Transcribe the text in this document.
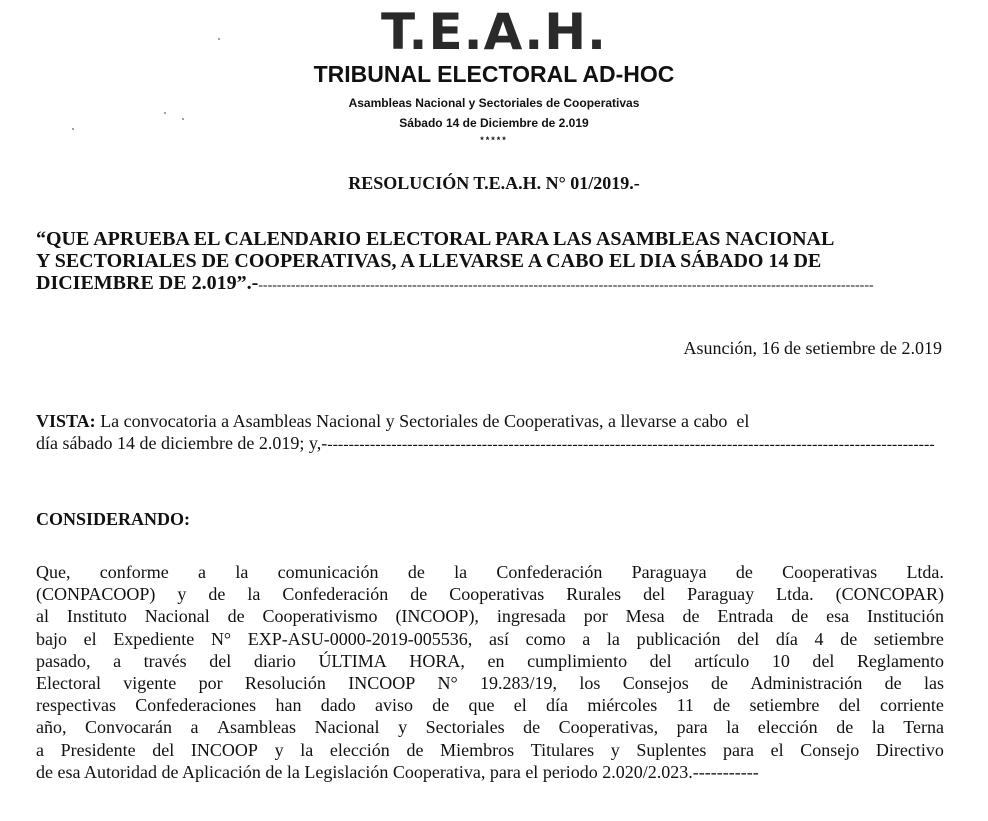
T.E.A.H.
TRIBUNAL ELECTORAL AD-HOC
Asambleas Nacional y Sectoriales de Cooperativas
Sábado 14 de Diciembre de 2.019
*****
RESOLUCIÓN T.E.A.H. N° 01/2019.-
“QUE APRUEBA EL CALENDARIO ELECTORAL PARA LAS ASAMBLEAS NACIONAL
Y SECTORIALES DE COOPERATIVAS, A LLEVARSE A CABO EL DIA SÁBADO 14 DE
DICIEMBRE DE 2.019”.- ------------------------------------------------------------------------------------------------------------------------------------
Asunción, 16 de setiembre de 2.019
VISTA: La convocatoria a Asambleas Nacional y Sectoriales de Cooperativas, a llevarse a cabo  el
día sábado 14 de diciembre de 2.019; y,- ------------------------------------------------------------------------------------------------------------------
CONSIDERANDO:
Que, conforme a la comunicación de la Confederación Paraguaya de Cooperativas Ltda.
(CONPACOOP) y de la Confederación de Cooperativas Rurales del Paraguay Ltda. (CONCOPAR)
al Instituto Nacional de Cooperativismo (INCOOP), ingresada por Mesa de Entrada de esa Institución
bajo el Expediente N° EXP-ASU-0000-2019-005536, así como a la publicación del día 4 de setiembre
pasado, a través del diario ÚLTIMA HORA, en cumplimiento del artículo 10 del Reglamento
Electoral vigente por Resolución INCOOP N° 19.283/19, los Consejos de Administración de las
respectivas Confederaciones han dado aviso de que el día miércoles 11 de setiembre del corriente
año, Convocarán a Asambleas Nacional y Sectoriales de Cooperativas, para la elección de la Terna
a Presidente del INCOOP y la elección de Miembros Titulares y Suplentes para el Consejo Directivo
de esa Autoridad de Aplicación de la Legislación Cooperativa, para el periodo 2.020/2.023.-----------
